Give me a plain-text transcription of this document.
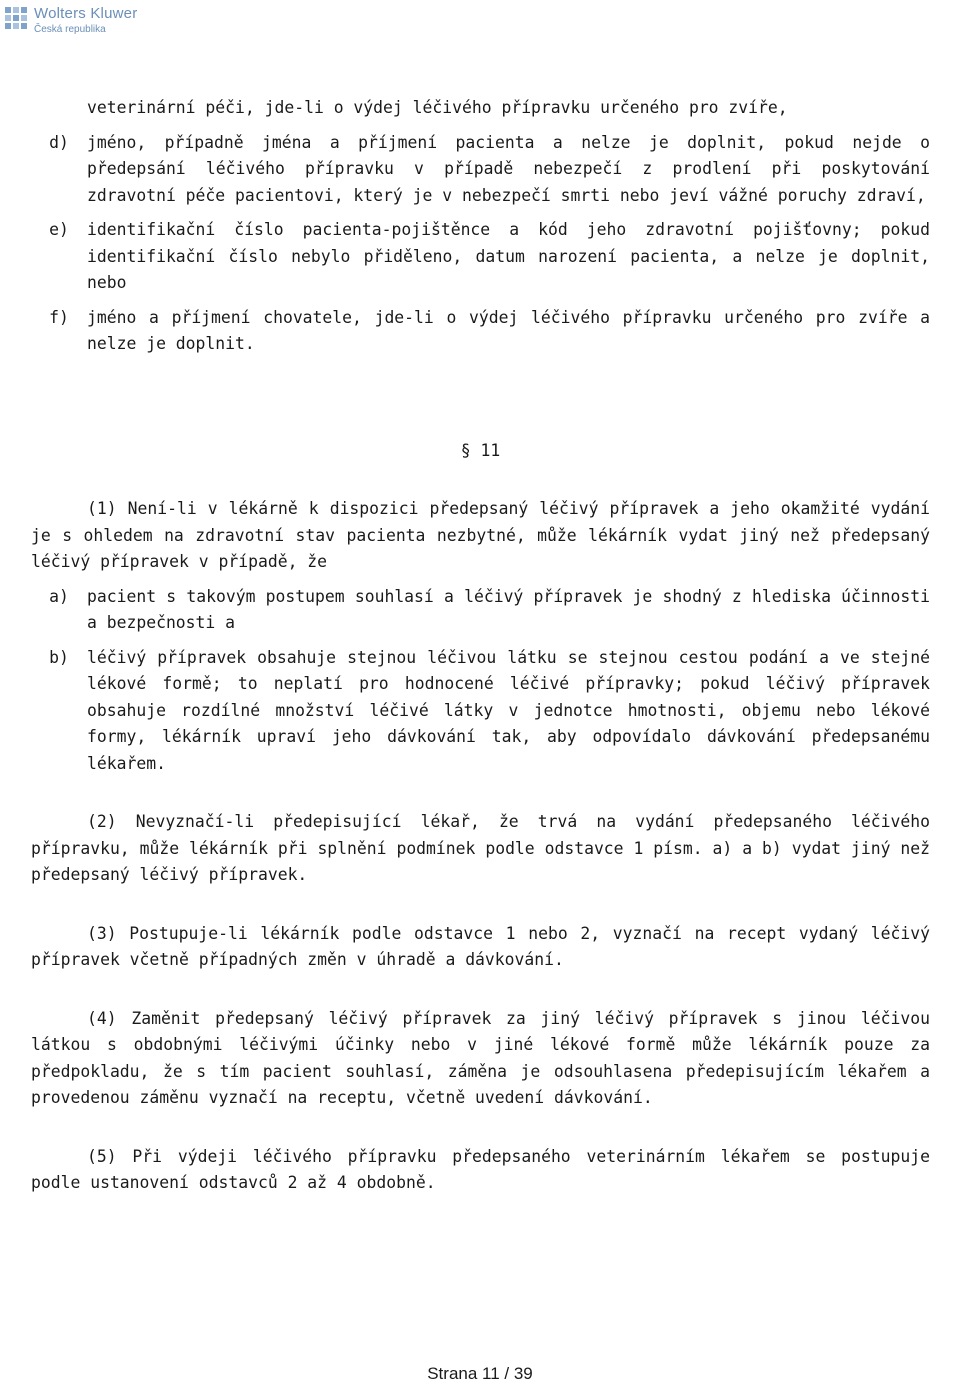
Wolters Kluwer
Česká republika

veterinární péči, jde-li o výdej léčivého přípravku určeného pro zvíře,

d)	jméno, případně jména a příjmení pacienta a nelze je doplnit, pokud nejde o předepsání léčivého přípravku v případě nebezpečí z prodlení při poskytování zdravotní péče pacientovi, který je v nebezpečí smrti nebo jeví vážné poruchy zdraví,
e)	identifikační číslo pacienta-pojištěnce a kód jeho zdravotní pojišťovny; pokud identifikační číslo nebylo přiděleno, datum narození pacienta, a nelze je doplnit, nebo
f)	jméno a příjmení chovatele, jde-li o výdej léčivého přípravku určeného pro zvíře a nelze je doplnit.

§ 11

(1) Není-li v lékárně k dispozici předepsaný léčivý přípravek a jeho okamžité vydání je s ohledem na zdravotní stav pacienta nezbytné, může lékárník vydat jiný než předepsaný léčivý přípravek v případě, že

a)	pacient s takovým postupem souhlasí a léčivý přípravek je shodný z hlediska účinnosti a bezpečnosti a
b)	léčivý přípravek obsahuje stejnou léčivou látku se stejnou cestou podání a ve stejné lékové formě; to neplatí pro hodnocené léčivé přípravky; pokud léčivý přípravek obsahuje rozdílné množství léčivé látky v jednotce hmotnosti, objemu nebo lékové formy, lékárník upraví jeho dávkování tak, aby odpovídalo dávkování předepsanému lékařem.

(2) Nevyznačí-li předepisující lékař, že trvá na vydání předepsaného léčivého přípravku, může lékárník při splnění podmínek podle odstavce 1 písm. a) a b) vydat jiný než předepsaný léčivý přípravek.

(3) Postupuje-li lékárník podle odstavce 1 nebo 2, vyznačí na recept vydaný léčivý přípravek včetně případných změn v úhradě a dávkování.

(4) Zaměnit předepsaný léčivý přípravek za jiný léčivý přípravek s jinou léčivou látkou s obdobnými léčivými účinky nebo v jiné lékové formě může lékárník pouze za předpokladu, že s tím pacient souhlasí, záměna je odsouhlasena předepisujícím lékařem a provedenou záměnu vyznačí na receptu, včetně uvedení dávkování.

(5) Při výdeji léčivého přípravku předepsaného veterinárním lékařem se postupuje podle ustanovení odstavců 2 až 4 obdobně.

Strana 11 / 39
